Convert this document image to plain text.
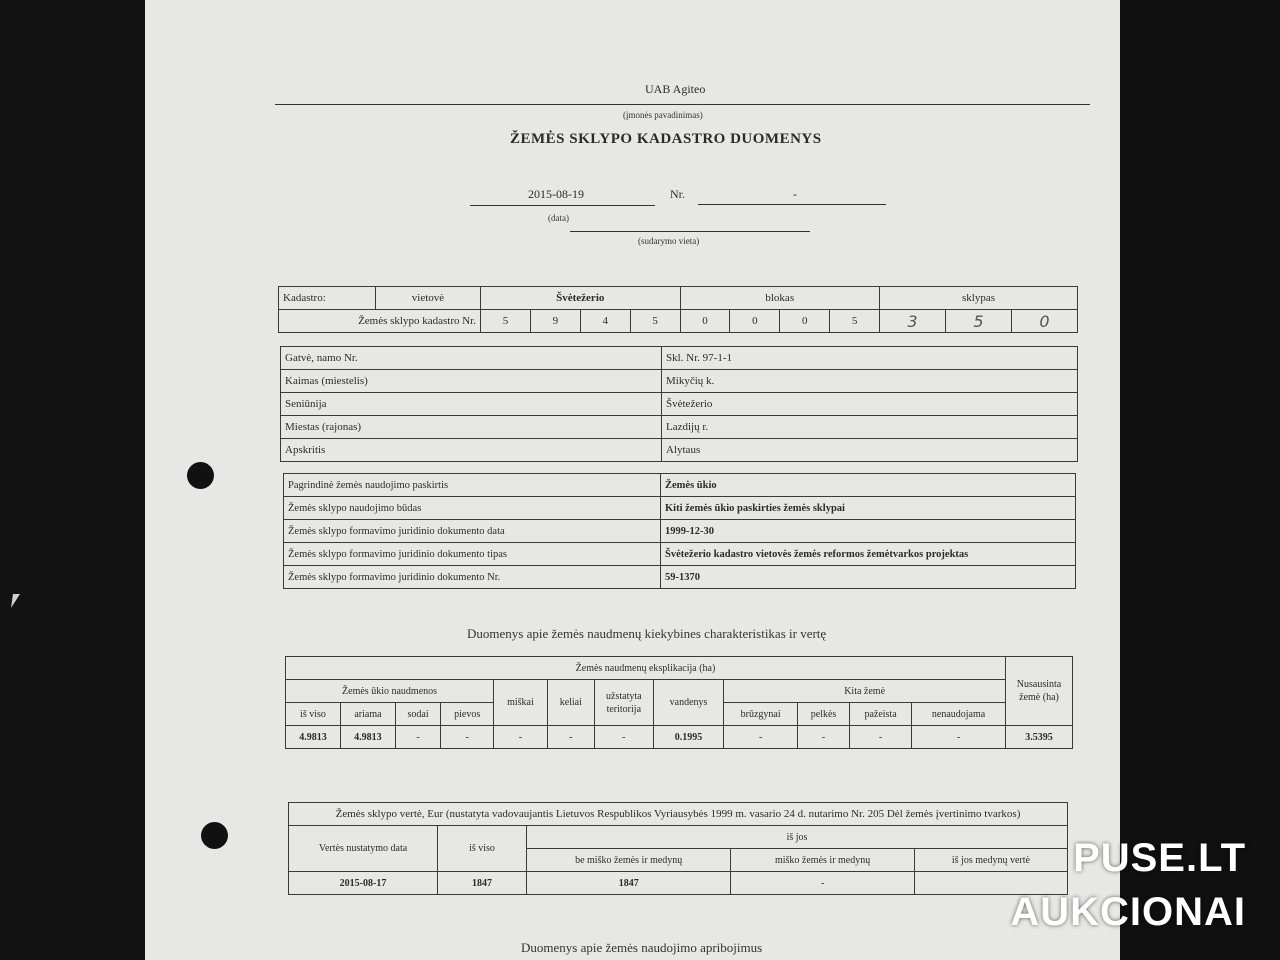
UAB Agiteo
(įmonės pavadinimas)
ŽEMĖS SKLYPO KADASTRO DUOMENYS
2015-08-19	Nr.	-
(data)
(sudarymo vieta)
Kadastro:	vietovė	Švėtežerio				blokas				sklypas		
Žemės sklypo kadastro Nr.		5	9	4	5	0	0	0	5	3	5	0
Gatvė, namo Nr.	Skl. Nr. 97-1-1
Kaimas (miestelis)	Mikyčių k.
Seniūnija	Švėtežerio
Miestas (rajonas)	Lazdijų r.
Apskritis	Alytaus
Pagrindinė žemės naudojimo paskirtis	Žemės ūkio
Žemės sklypo naudojimo būdas	Kiti žemės ūkio paskirties žemės sklypai
Žemės sklypo formavimo juridinio dokumento data	1999-12-30
Žemės sklypo formavimo juridinio dokumento tipas	Švėtežerio kadastro vietovės žemės reformos žemėtvarkos projektas
Žemės sklypo formavimo juridinio dokumento Nr.	59-1370
Duomenys apie žemės naudmenų kiekybines charakteristikas ir vertę
Žemės naudmenų eksplikacija (ha)												Nusausinta žemė (ha)
Žemės ūkio naudmenos				miškai	keliai	užstatyta teritorija	vandenys	Kita žemė				
iš viso	ariama	sodai	pievos					brūzgynai	pelkės	pažeista	nenaudojama	
4.9813	4.9813	-	-	-	-	-	0.1995	-	-	-	-	3.5395
Žemės sklypo vertė, Eur (nustatyta vadovaujantis Lietuvos Respublikos Vyriausybės 1999 m. vasario 24 d. nutarimo Nr. 205 Dėl žemės įvertinimo tvarkos)				
Vertės nustatymo data	iš viso	iš jos		
		be miško žemės ir medynų	miško žemės ir medynų	iš jos medynų vertė
2015-08-17	1847	1847	-	
Duomenys apie žemės naudojimo apribojimus
PUSE.LT
AUKCIONAI
